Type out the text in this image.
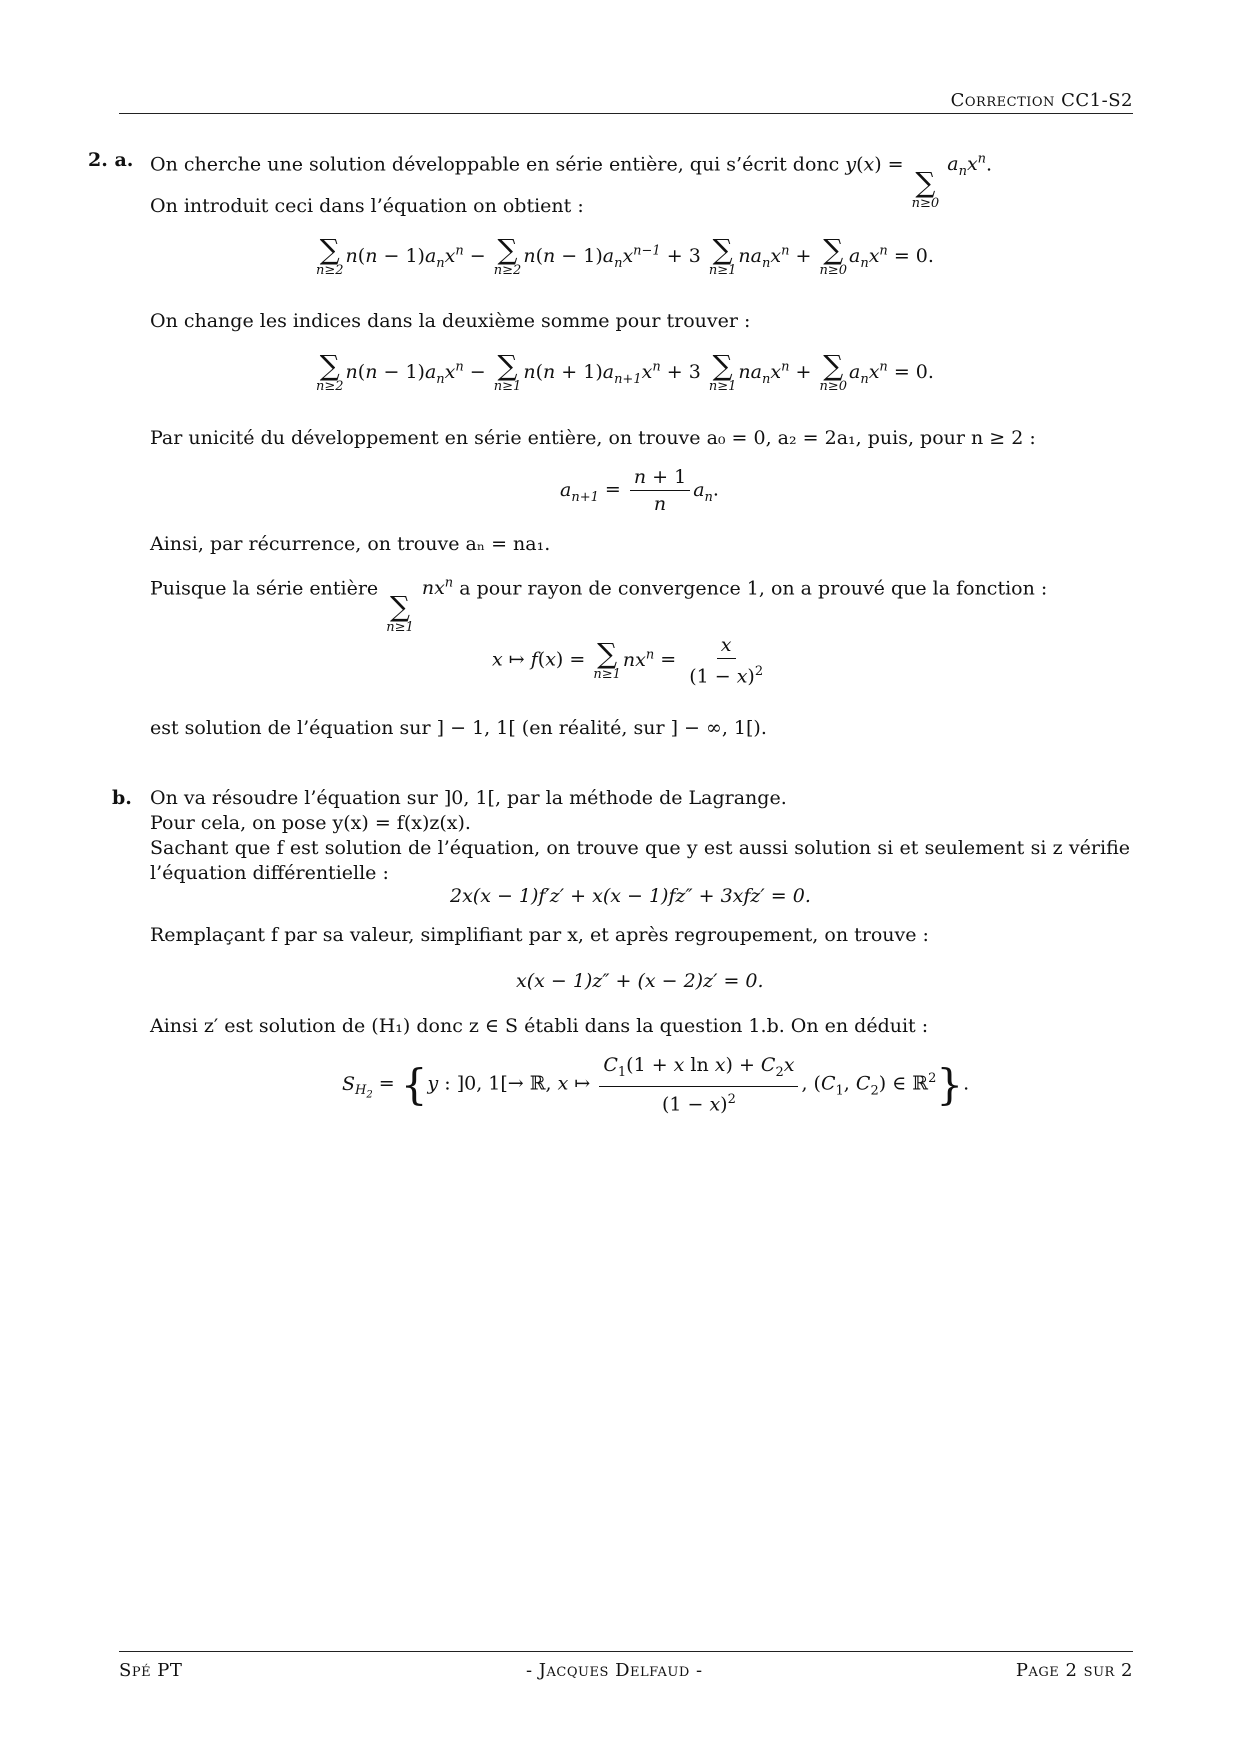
Correction CC1-S2
2. a. On cherche une solution développable en série entière, qui s’écrit donc y(x) =
∑
n≥0
$a_nx^n$.
On introduit ceci dans l’équation on obtient :
∑
n≥2
$n(n - 1)a_nx^n$ − ∑
n≥2
$n(n - 1)a_nx^{n-1} + 3$ ∑
n≥1
$na_nx^n$ + ∑
n≥0
$a_nx^n = 0$.
On change les indices dans la deuxième somme pour trouver :
∑
n≥2
$n(n - 1)a_nx^n$ − ∑
n≥1
$n(n + 1)a_{n+1}x^n + 3$ ∑
n≥1
$na_nx^n$ + ∑
n≥0
$a_nx^n = 0$.
Par unicité du développement en série entière, on trouve a₀ = 0, a₂ = 2a₁, puis, pour n ≥ 2 :
$a_{n+1} = \frac{n + 1}{n} a_n$.
Ainsi, par récurrence, on trouve aₙ = na₁.
Puisque la série entière
∑
n≥1
$nx^n$ a pour rayon de convergence 1, on a prouvé que la fonction :
x ↦ f(x) = ∑
n≥1
$nx^n = \frac{x}{(1 - x)^2}$
est solution de l’équation sur ] − 1, 1[ (en réalité, sur ] − ∞, 1[).
b. On va résoudre l’équation sur ]0, 1[, par la méthode de Lagrange.
Pour cela, on pose y(x) = f(x)z(x).
Sachant que f est solution de l’équation, on trouve que y est aussi solution si et seulement si z vérifie
l’équation différentielle :
2x(x − 1)f′z′ + x(x − 1)fz″ + 3xfz′ = 0.
Remplaçant f par sa valeur, simplifiant par x, et après regroupement, on trouve :
x(x − 1)z″ + (x − 2)z′ = 0.
Ainsi z′ est solution de (H₁) donc z ∈ S établi dans la question 1.b. On en déduit :
$S_{H_2} = \{y$ : ]0, 1[→ ℝ, x ↦ $\frac{C_1(1 + x \ln x) + C_2x}{(1 - x)^2}$ , ($C_1$, $C_2$) ∈ ℝ$^2$}.
Spé PT	- Jacques Delfaud -	Page 2 sur 2
